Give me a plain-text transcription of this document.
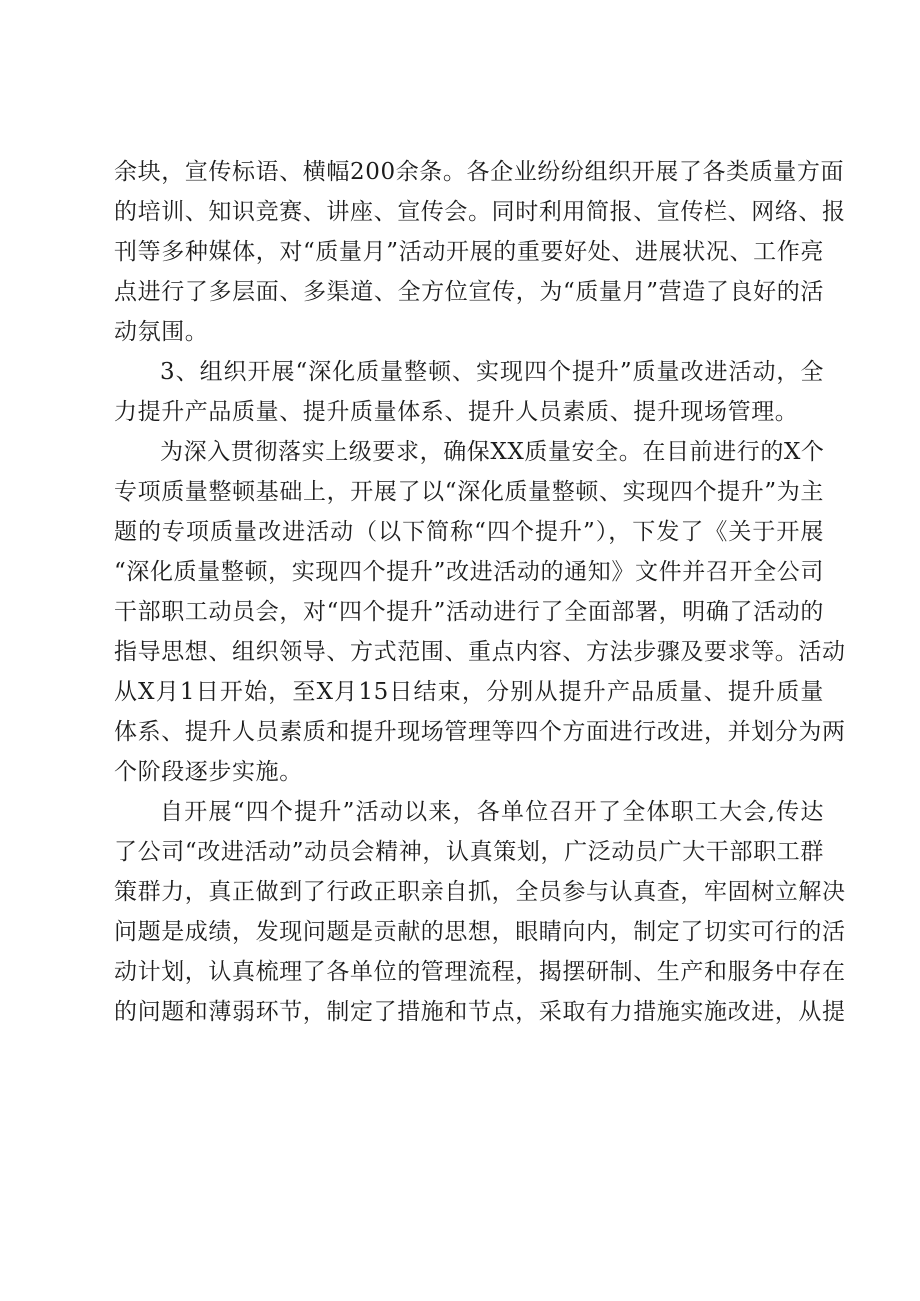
余块，宣传标语、横幅200余条。各企业纷纷组织开展了各类质量方面
的培训、知识竞赛、讲座、宣传会。同时利用简报、宣传栏、网络、报
刊等多种媒体，对“质量月”活动开展的重要好处、进展状况、工作亮
点进行了多层面、多渠道、全方位宣传，为“质量月”营造了良好的活
动氛围。
3、组织开展“深化质量整顿、实现四个提升”质量改进活动，全
力提升产品质量、提升质量体系、提升人员素质、提升现场管理。
为深入贯彻落实上级要求，确保XX质量安全。在目前进行的X个
专项质量整顿基础上，开展了以“深化质量整顿、实现四个提升”为主
题的专项质量改进活动（以下简称“四个提升”），下发了《关于开展
“深化质量整顿，实现四个提升”改进活动的通知》文件并召开全公司
干部职工动员会，对“四个提升”活动进行了全面部署，明确了活动的
指导思想、组织领导、方式范围、重点内容、方法步骤及要求等。活动
从X月1日开始，至X月15日结束，分别从提升产品质量、提升质量
体系、提升人员素质和提升现场管理等四个方面进行改进，并划分为两
个阶段逐步实施。
自开展“四个提升”活动以来，各单位召开了全体职工大会,传达
了公司“改进活动”动员会精神，认真策划，广泛动员广大干部职工群
策群力，真正做到了行政正职亲自抓，全员参与认真查，牢固树立解决
问题是成绩，发现问题是贡献的思想，眼睛向内，制定了切实可行的活
动计划，认真梳理了各单位的管理流程，揭摆研制、生产和服务中存在
的问题和薄弱环节，制定了措施和节点，采取有力措施实施改进，从提
